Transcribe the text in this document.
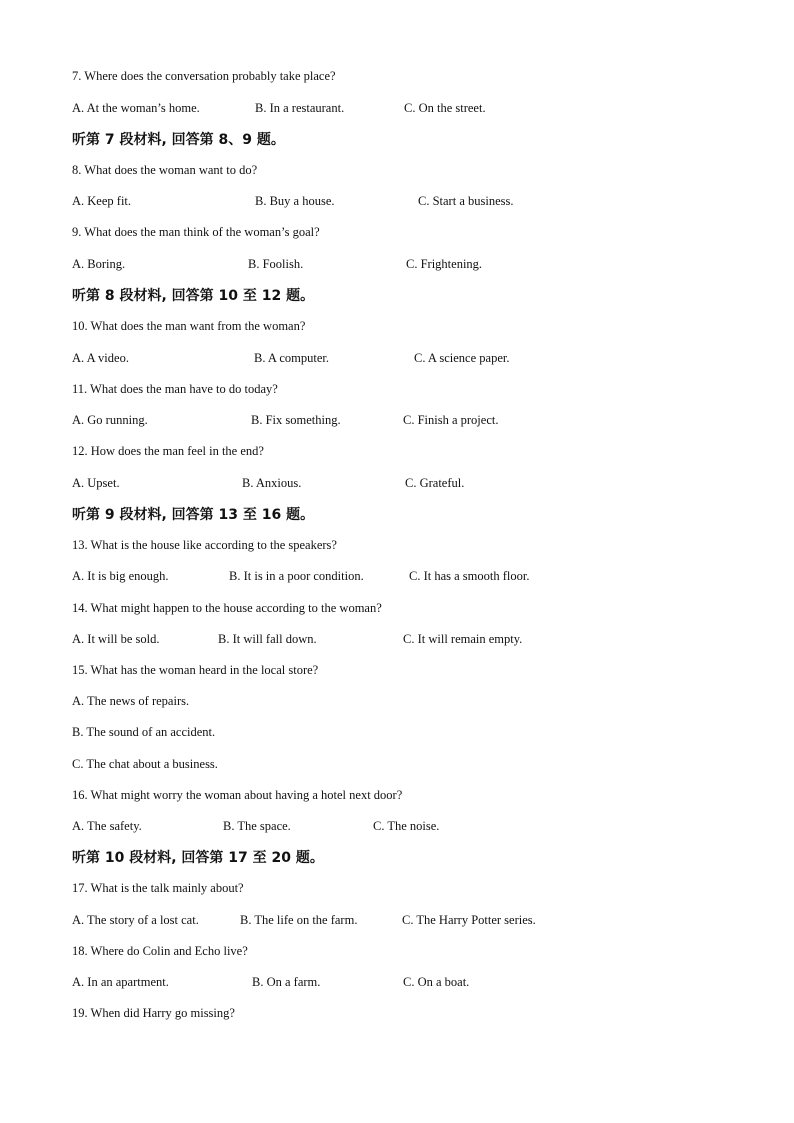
7. Where does the conversation probably take place?
A. At the woman’s home.	B. In a restaurant.	C. On the street.
听第 7 段材料, 回答第 8、9 题。
8. What does the woman want to do?
A. Keep fit.	B. Buy a house.	C. Start a business.
9. What does the man think of the woman’s goal?
A. Boring.	B. Foolish.	C. Frightening.
听第 8 段材料, 回答第 10 至 12 题。
10. What does the man want from the woman?
A. A video.	B. A computer.	C. A science paper.
11. What does the man have to do today?
A. Go running.	B. Fix something.	C. Finish a project.
12. How does the man feel in the end?
A. Upset.	B. Anxious.	C. Grateful.
听第 9 段材料, 回答第 13 至 16 题。
13. What is the house like according to the speakers?
A. It is big enough.	B. It is in a poor condition.	C. It has a smooth floor.
14. What might happen to the house according to the woman?
A. It will be sold.	B. It will fall down.	C. It will remain empty.
15. What has the woman heard in the local store?
A. The news of repairs.
B. The sound of an accident.
C. The chat about a business.
16. What might worry the woman about having a hotel next door?
A. The safety.	B. The space.	C. The noise.
听第 10 段材料, 回答第 17 至 20 题。
17. What is the talk mainly about?
A. The story of a lost cat.	B. The life on the farm.	C. The Harry Potter series.
18. Where do Colin and Echo live?
A. In an apartment.	B. On a farm.	C. On a boat.
19. When did Harry go missing?
